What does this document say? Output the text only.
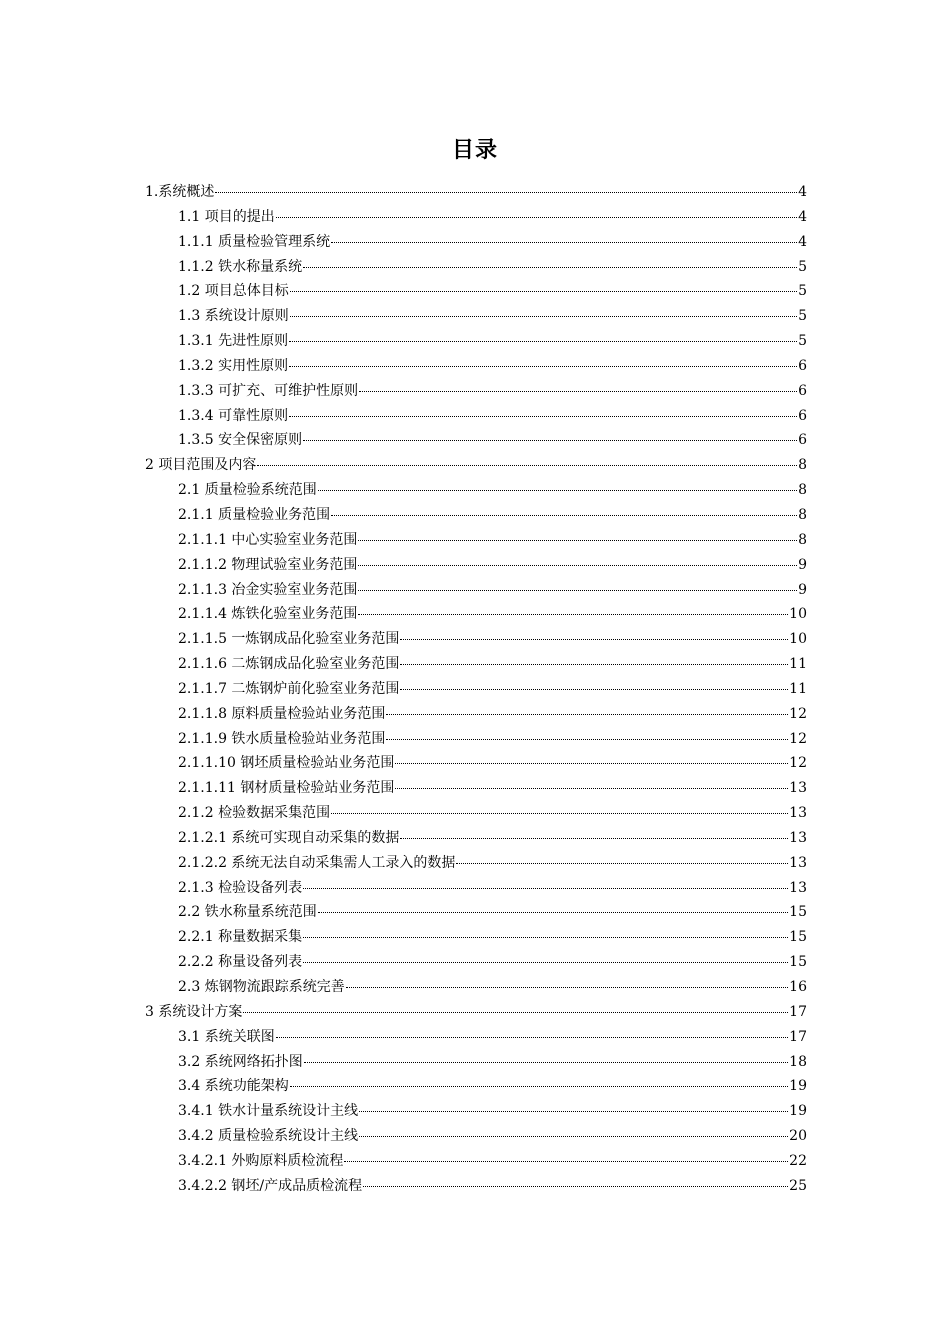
目录
1.系统概述	4
1.1 项目的提出	4
1.1.1 质量检验管理系统	4
1.1.2 铁水称量系统	5
1.2 项目总体目标	5
1.3 系统设计原则	5
1.3.1 先进性原则	5
1.3.2 实用性原则	6
1.3.3 可扩充、可维护性原则	6
1.3.4 可靠性原则	6
1.3.5 安全保密原则	6
2 项目范围及内容	8
2.1 质量检验系统范围	8
2.1.1 质量检验业务范围	8
2.1.1.1 中心实验室业务范围	8
2.1.1.2 物理试验室业务范围	9
2.1.1.3 冶金实验室业务范围	9
2.1.1.4 炼铁化验室业务范围	10
2.1.1.5 一炼钢成品化验室业务范围	10
2.1.1.6 二炼钢成品化验室业务范围	11
2.1.1.7 二炼钢炉前化验室业务范围	11
2.1.1.8 原料质量检验站业务范围	12
2.1.1.9 铁水质量检验站业务范围	12
2.1.1.10 钢坯质量检验站业务范围	12
2.1.1.11 钢材质量检验站业务范围	13
2.1.2 检验数据采集范围	13
2.1.2.1 系统可实现自动采集的数据	13
2.1.2.2 系统无法自动采集需人工录入的数据	13
2.1.3 检验设备列表	13
2.2 铁水称量系统范围	15
2.2.1 称量数据采集	15
2.2.2 称量设备列表	15
2.3 炼钢物流跟踪系统完善	16
3 系统设计方案	17
3.1 系统关联图	17
3.2 系统网络拓扑图	18
3.4 系统功能架构	19
3.4.1 铁水计量系统设计主线	19
3.4.2 质量检验系统设计主线	20
3.4.2.1 外购原料质检流程	22
3.4.2.2 钢坯/产成品质检流程	25
